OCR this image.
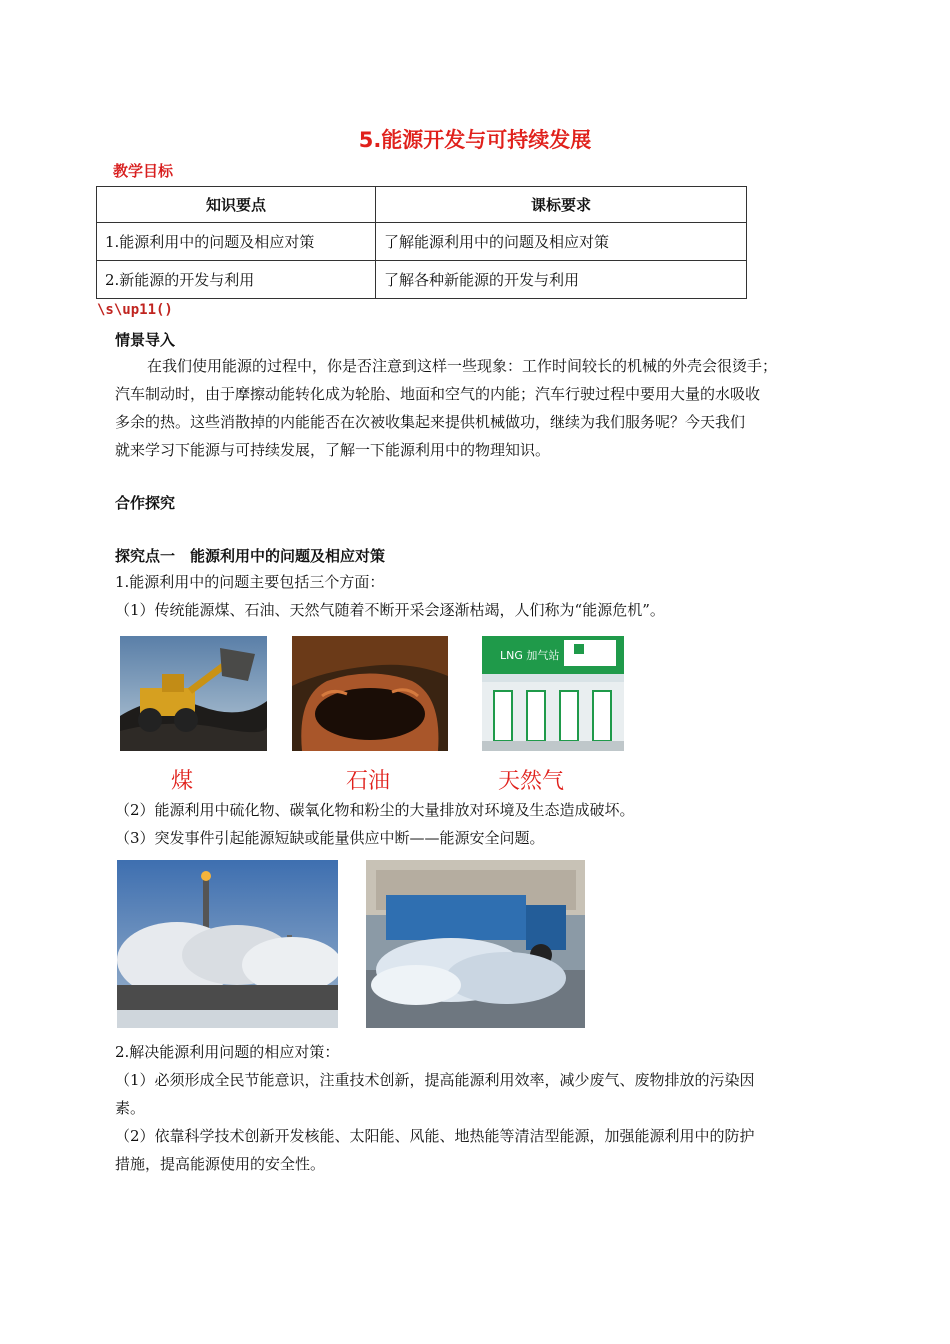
5.能源开发与可持续发展
教学目标
知识要点	课标要求
1.能源利用中的问题及相应对策	了解能源利用中的问题及相应对策
2.新能源的开发与利用	了解各种新能源的开发与利用
\s\up11()
情景导入
在我们使用能源的过程中，你是否注意到这样一些现象：工作时间较长的机械的外壳会很烫手；
汽车制动时，由于摩擦动能转化成为轮胎、地面和空气的内能；汽车行驶过程中要用大量的水吸收
多余的热。这些消散掉的内能能否在次被收集起来提供机械做功，继续为我们服务呢？今天我们
就来学习下能源与可持续发展，了解一下能源利用中的物理知识。
合作探究
探究点一　能源利用中的问题及相应对策
1.能源利用中的问题主要包括三个方面：
（1）传统能源煤、石油、天然气随着不断开采会逐渐枯竭，人们称为“能源危机”。
LNG 加气站
煤	石油	天然气
（2）能源利用中硫化物、碳氧化物和粉尘的大量排放对环境及生态造成破坏。
（3）突发事件引起能源短缺或能量供应中断——能源安全问题。
2.解决能源利用问题的相应对策：
（1）必须形成全民节能意识，注重技术创新，提高能源利用效率，减少废气、废物排放的污染因
素。
（2）依靠科学技术创新开发核能、太阳能、风能、地热能等清洁型能源，加强能源利用中的防护
措施，提高能源使用的安全性。
